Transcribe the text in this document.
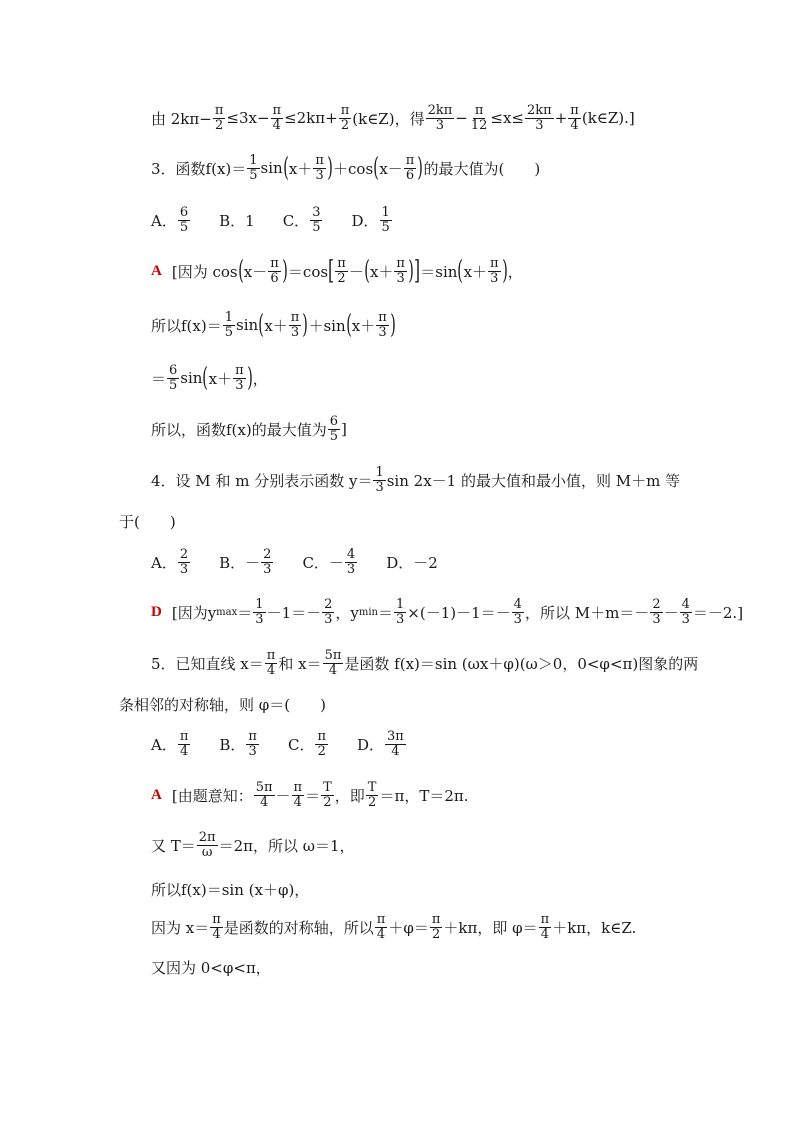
由 $2k\pi- \frac{\pi}{2} \le 3x- \frac{\pi}{4} \le 2k\pi+ \frac{\pi}{2}$ (k∈Z)，得 $\frac{2k\pi}{3} - \frac{\pi}{12} \le x\le \frac{2k\pi}{3} + \frac{\pi}{4}$ (k∈Z).]
3．函数$f(x)= \frac{1}{5}$ sin ( $x+ \frac{\pi}{3}$ ) ＋cos ( $x- \frac{\pi}{6}$ ) 的最大值为(　　)
A． $\frac{6}{5}$ B．1 C． $\frac{3}{5}$ D． $\frac{1}{5}$
A [因为 cos ( $x- \frac{\pi}{6}$ ) ＝cos [ $\frac{\pi}{2}$ － ( $x+ \frac{\pi}{3}$ ) ] ＝sin ( $x+ \frac{\pi}{3}$ ) ，
所以$f(x)= \frac{1}{5}$ sin ( $x+ \frac{\pi}{3}$ ) ＋sin ( $x+ \frac{\pi}{3}$ )
＝ $\frac{6}{5}$ sin ( $x+ \frac{\pi}{3}$ ) ，
所以，函数f(x)的最大值为 $\frac{6}{5}$ ]
4．设 M 和 m 分别表示函数 $y= \frac{1}{3}$ sin 2x－1 的最大值和最小值，则 M＋m 等
于(　　)
A． $\frac{2}{3}$ B．－ $\frac{2}{3}$ C．－ $\frac{4}{3}$ D．－2
D [因为y $\max = \frac{1}{3} -1=- \frac{2}{3}$ ，y $\min = \frac{1}{3} \times(-1)-1=- \frac{4}{3}$ ，所以 $M+m=- \frac{2}{3} - \frac{4}{3} =-2$.]
5．已知直线 $x= \frac{\pi}{4}$ 和 $x= \frac{5\pi}{4}$ 是函数 f(x)＝sin (ωx＋φ)(ω＞0，0<φ<π)图象的两
条相邻的对称轴，则 φ＝(　　)
A． $\frac{\pi}{4}$ B． $\frac{\pi}{3}$ C． $\frac{\pi}{2}$ D． $\frac{3\pi}{4}$
A [由题意知： $\frac{5\pi}{4} - \frac{\pi}{4} = \frac{T}{2}$ ，即 $\frac{T}{2} =\pi$，T＝2π.
又 $T= \frac{2\pi}{\omega} =2\pi$，所以 ω＝1，
所以f(x)＝sin (x＋φ)，
因为 $x= \frac{\pi}{4}$ 是函数的对称轴，所以 $\frac{\pi}{4} +\varphi= \frac{\pi}{2} +k\pi$，即 $\varphi= \frac{\pi}{4} +k\pi$，k∈Z.
又因为 0<φ<π，
